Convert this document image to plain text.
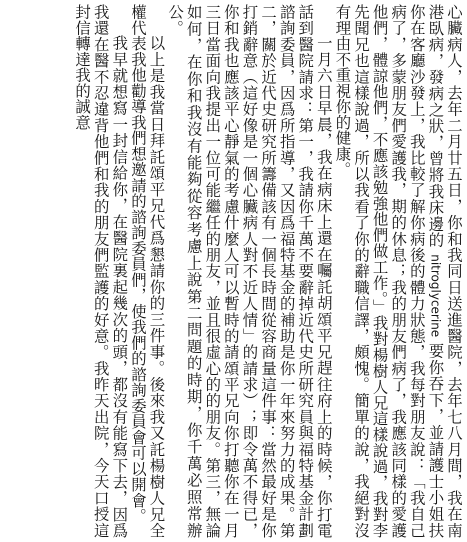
心臟病人，去年二月廿五日，你和我同日送進醫院，去年七八月間，我在南港臥病，發病之狀，曾將我床邊的 nitroglycerine 要你吞下，並請護士小姐扶你在客廳沙發上，我比較了解你病後的體力狀態，我每對朋友說：「我自己病了，多蒙朋友們愛護我，期的休息；我的朋友們病了，我應該同樣的愛護他們，體諒他們，不應該勉強他們做工作。」我對楊樹人兄這樣說過，我對李先聞兄也這樣說過，所以我看了你的辭職信譯，頗愧。簡單的說，我絕對沒有理由不重視你的健康。

一月六日早晨，我在病床上還在囑託胡頌平兄趕往府上的時候，你打電話到醫院請求：第一，我請你千萬不要辭掉近代史所研究員與福特基金計劃諮詢委員，因爲所指導，又因爲福特基金的補助是你一年來努力的成果。第二，關於近代史研究所籌備該有一個長時間從容商量這件事：當然最好是你打銷辭意（這好像是一個心臟病人對不近人情」的請求）；即令萬不得已，你和我也應該平心靜氣的考慮什麼人可以暫時的請頌平兄向你打聽你在一月三日當面向我提出一位可能繼任的朋友，並且很虛心的的朋友。第三，無論如何，在你和我沒有能夠從容考慮上說第二問題的時期，你千萬必照常辦公。

以上是我當日拜託頌平兄代爲懇請你的三件事。後來我又託楊樹人兄全權代表我他勸導我們想邀請的諮詢委員們，使我們的諮詢委員會可以開會。

我早就想寫一封信給你，在醫院裏起幾次的頭，都沒有能寫下去，因爲我還在醫不忍違背他們和我的朋友們監護的好意。我昨天出院，今天口授這封信轉達我的誠意
